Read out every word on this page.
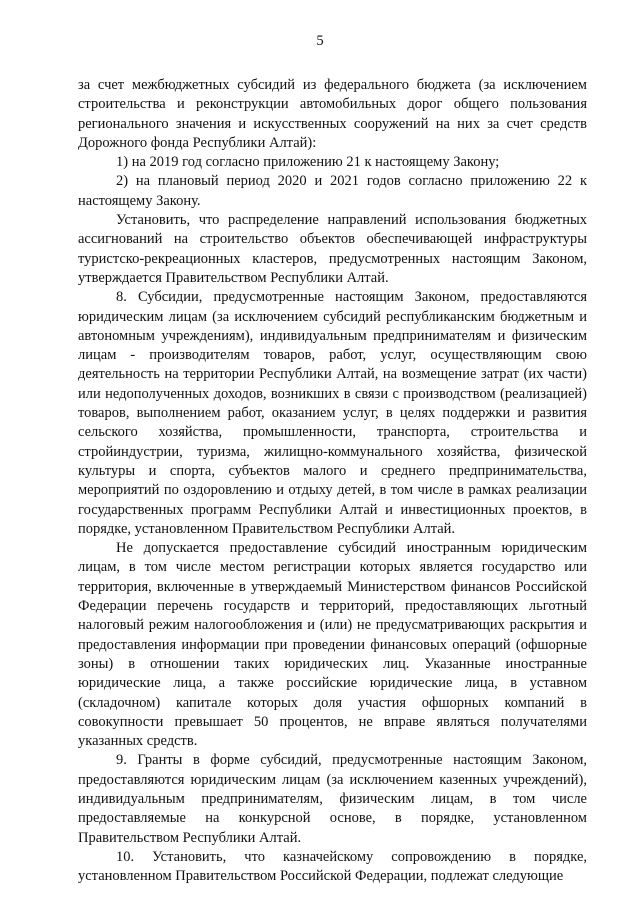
5

за счет межбюджетных субсидий из федерального бюджета (за исключением строительства и реконструкции автомобильных дорог общего пользования регионального значения и искусственных сооружений на них за счет средств Дорожного фонда Республики Алтай):

1) на 2019 год согласно приложению 21 к настоящему Закону;

2) на плановый период 2020 и 2021 годов согласно приложению 22 к настоящему Закону.

Установить, что распределение направлений использования бюджетных ассигнований на строительство объектов обеспечивающей инфраструктуры туристско-рекреационных кластеров, предусмотренных настоящим Законом, утверждается Правительством Республики Алтай.

8. Субсидии, предусмотренные настоящим Законом, предоставляются юридическим лицам (за исключением субсидий республиканским бюджетным и автономным учреждениям), индивидуальным предпринимателям и физическим лицам - производителям товаров, работ, услуг, осуществляющим свою деятельность на территории Республики Алтай, на возмещение затрат (их части) или недополученных доходов, возникших в связи с производством (реализацией) товаров, выполнением работ, оказанием услуг, в целях поддержки и развития сельского хозяйства, промышленности, транспорта, строительства и стройиндустрии, туризма, жилищно-коммунального хозяйства, физической культуры и спорта, субъектов малого и среднего предпринимательства, мероприятий по оздоровлению и отдыху детей, в том числе в рамках реализации государственных программ Республики Алтай и инвестиционных проектов, в порядке, установленном Правительством Республики Алтай.

Не допускается предоставление субсидий иностранным юридическим лицам, в том числе местом регистрации которых является государство или территория, включенные в утверждаемый Министерством финансов Российской Федерации перечень государств и территорий, предоставляющих льготный налоговый режим налогообложения и (или) не предусматривающих раскрытия и предоставления информации при проведении финансовых операций (офшорные зоны) в отношении таких юридических лиц. Указанные иностранные юридические лица, а также российские юридические лица, в уставном (складочном) капитале которых доля участия офшорных компаний в совокупности превышает 50 процентов, не вправе являться получателями указанных средств.

9. Гранты в форме субсидий, предусмотренные настоящим Законом, предоставляются юридическим лицам (за исключением казенных учреждений), индивидуальным предпринимателям, физическим лицам, в том числе предоставляемые на конкурсной основе, в порядке, установленном Правительством Республики Алтай.

10. Установить, что казначейскому сопровождению в порядке, установленном Правительством Российской Федерации, подлежат следующие
